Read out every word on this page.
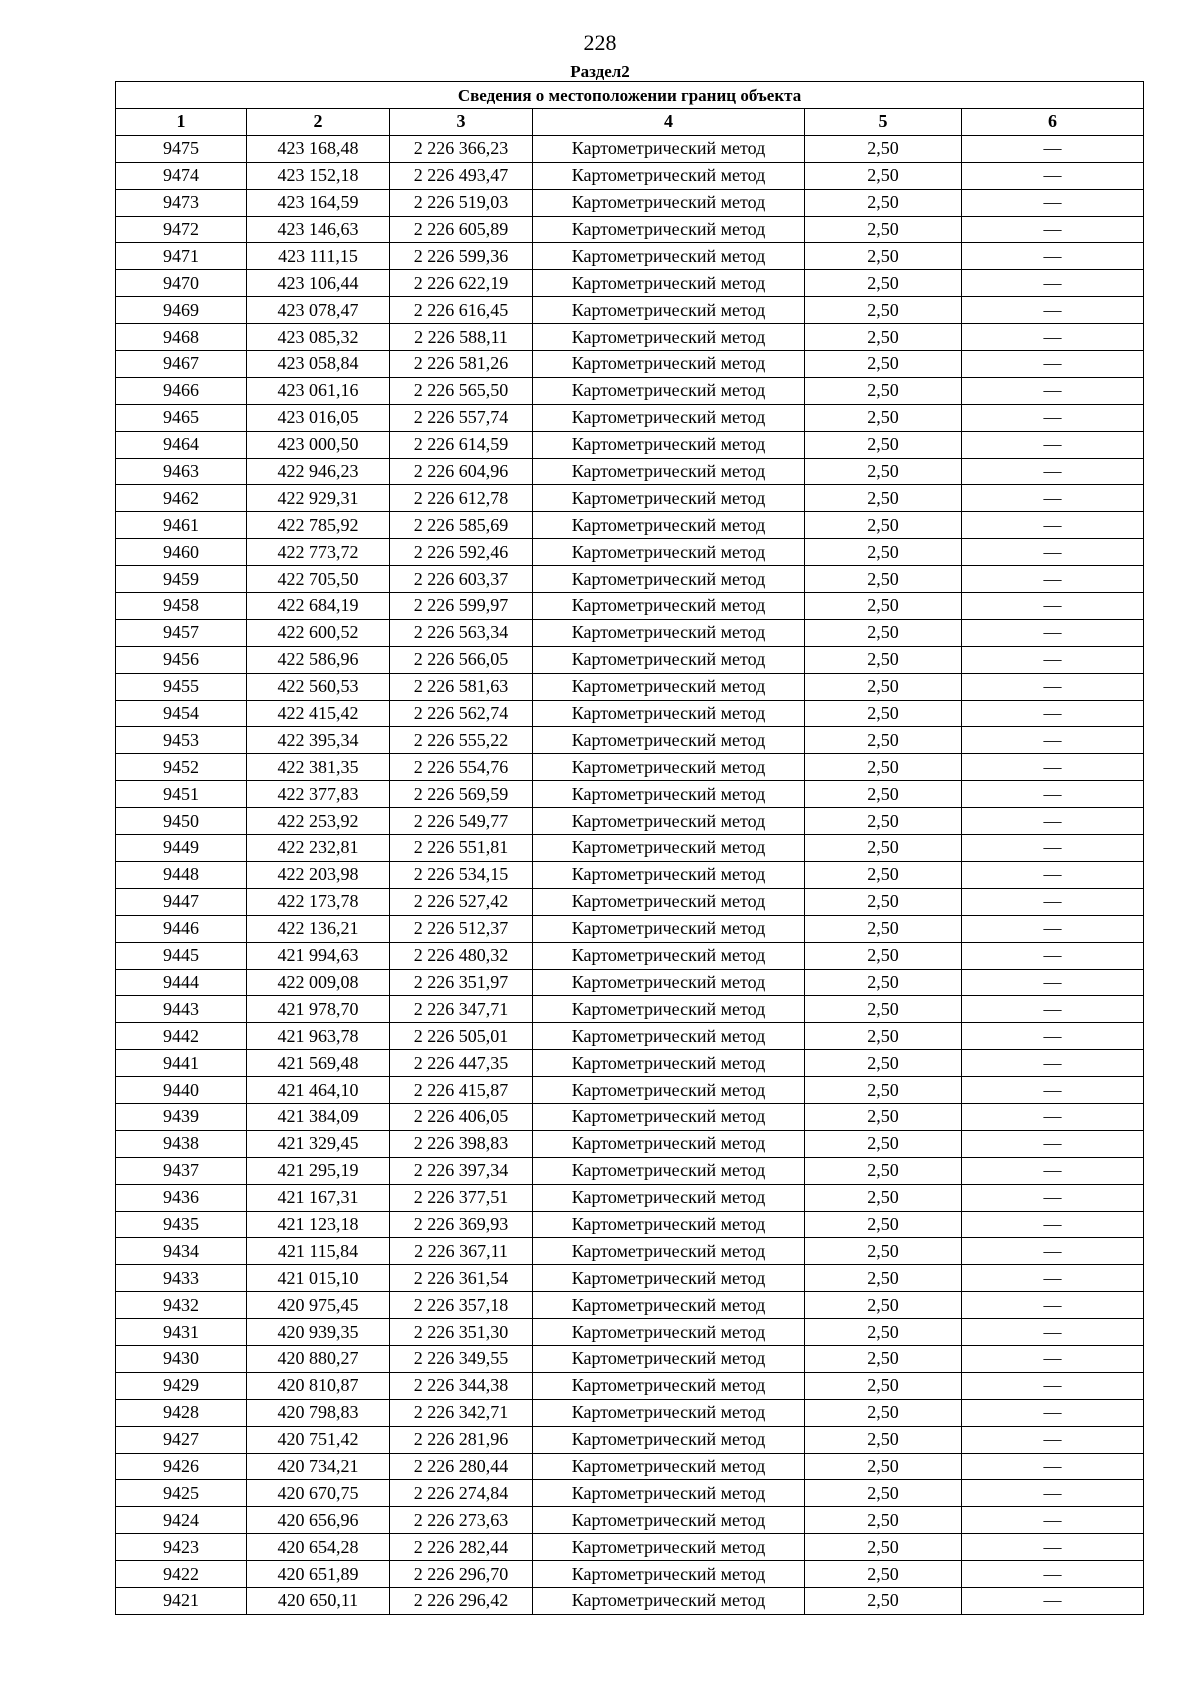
228
Раздел2
Сведения о местоположении границ объекта					
1	2	3	4	5	6
9475	423 168,48	2 226 366,23	Картометрический метод	2,50	—
9474	423 152,18	2 226 493,47	Картометрический метод	2,50	—
9473	423 164,59	2 226 519,03	Картометрический метод	2,50	—
9472	423 146,63	2 226 605,89	Картометрический метод	2,50	—
9471	423 111,15	2 226 599,36	Картометрический метод	2,50	—
9470	423 106,44	2 226 622,19	Картометрический метод	2,50	—
9469	423 078,47	2 226 616,45	Картометрический метод	2,50	—
9468	423 085,32	2 226 588,11	Картометрический метод	2,50	—
9467	423 058,84	2 226 581,26	Картометрический метод	2,50	—
9466	423 061,16	2 226 565,50	Картометрический метод	2,50	—
9465	423 016,05	2 226 557,74	Картометрический метод	2,50	—
9464	423 000,50	2 226 614,59	Картометрический метод	2,50	—
9463	422 946,23	2 226 604,96	Картометрический метод	2,50	—
9462	422 929,31	2 226 612,78	Картометрический метод	2,50	—
9461	422 785,92	2 226 585,69	Картометрический метод	2,50	—
9460	422 773,72	2 226 592,46	Картометрический метод	2,50	—
9459	422 705,50	2 226 603,37	Картометрический метод	2,50	—
9458	422 684,19	2 226 599,97	Картометрический метод	2,50	—
9457	422 600,52	2 226 563,34	Картометрический метод	2,50	—
9456	422 586,96	2 226 566,05	Картометрический метод	2,50	—
9455	422 560,53	2 226 581,63	Картометрический метод	2,50	—
9454	422 415,42	2 226 562,74	Картометрический метод	2,50	—
9453	422 395,34	2 226 555,22	Картометрический метод	2,50	—
9452	422 381,35	2 226 554,76	Картометрический метод	2,50	—
9451	422 377,83	2 226 569,59	Картометрический метод	2,50	—
9450	422 253,92	2 226 549,77	Картометрический метод	2,50	—
9449	422 232,81	2 226 551,81	Картометрический метод	2,50	—
9448	422 203,98	2 226 534,15	Картометрический метод	2,50	—
9447	422 173,78	2 226 527,42	Картометрический метод	2,50	—
9446	422 136,21	2 226 512,37	Картометрический метод	2,50	—
9445	421 994,63	2 226 480,32	Картометрический метод	2,50	—
9444	422 009,08	2 226 351,97	Картометрический метод	2,50	—
9443	421 978,70	2 226 347,71	Картометрический метод	2,50	—
9442	421 963,78	2 226 505,01	Картометрический метод	2,50	—
9441	421 569,48	2 226 447,35	Картометрический метод	2,50	—
9440	421 464,10	2 226 415,87	Картометрический метод	2,50	—
9439	421 384,09	2 226 406,05	Картометрический метод	2,50	—
9438	421 329,45	2 226 398,83	Картометрический метод	2,50	—
9437	421 295,19	2 226 397,34	Картометрический метод	2,50	—
9436	421 167,31	2 226 377,51	Картометрический метод	2,50	—
9435	421 123,18	2 226 369,93	Картометрический метод	2,50	—
9434	421 115,84	2 226 367,11	Картометрический метод	2,50	—
9433	421 015,10	2 226 361,54	Картометрический метод	2,50	—
9432	420 975,45	2 226 357,18	Картометрический метод	2,50	—
9431	420 939,35	2 226 351,30	Картометрический метод	2,50	—
9430	420 880,27	2 226 349,55	Картометрический метод	2,50	—
9429	420 810,87	2 226 344,38	Картометрический метод	2,50	—
9428	420 798,83	2 226 342,71	Картометрический метод	2,50	—
9427	420 751,42	2 226 281,96	Картометрический метод	2,50	—
9426	420 734,21	2 226 280,44	Картометрический метод	2,50	—
9425	420 670,75	2 226 274,84	Картометрический метод	2,50	—
9424	420 656,96	2 226 273,63	Картометрический метод	2,50	—
9423	420 654,28	2 226 282,44	Картометрический метод	2,50	—
9422	420 651,89	2 226 296,70	Картометрический метод	2,50	—
9421	420 650,11	2 226 296,42	Картометрический метод	2,50	—
